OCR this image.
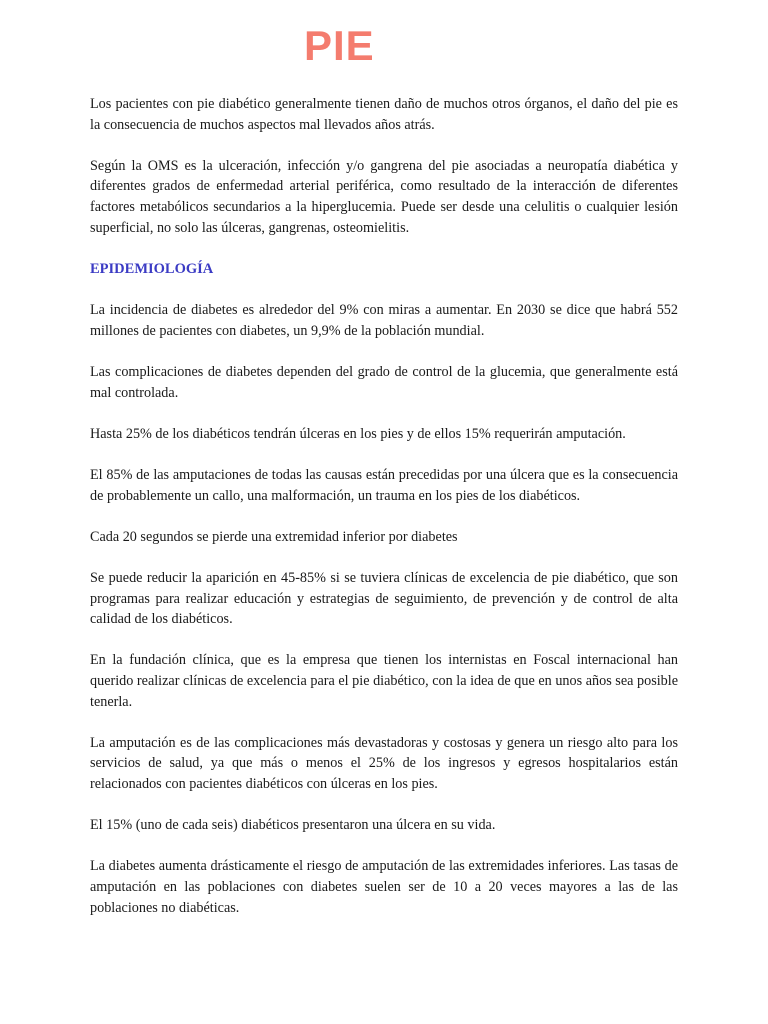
PIE

Los pacientes con pie diabético generalmente tienen daño de muchos otros órganos, el daño del pie es la consecuencia de muchos aspectos mal llevados años atrás.

Según la OMS es la ulceración, infección y/o gangrena del pie asociadas a neuropatía diabética y diferentes grados de enfermedad arterial periférica, como resultado de la interacción de diferentes factores metabólicos secundarios a la hiperglucemia. Puede ser desde una celulitis o cualquier lesión superficial, no solo las úlceras, gangrenas, osteomielitis.

EPIDEMIOLOGÍA

La incidencia de diabetes es alrededor del 9% con miras a aumentar. En 2030 se dice que habrá 552 millones de pacientes con diabetes, un 9,9% de la población mundial.

Las complicaciones de diabetes dependen del grado de control de la glucemia, que generalmente está mal controlada.

Hasta 25% de los diabéticos tendrán úlceras en los pies y de ellos 15% requerirán amputación.

El 85% de las amputaciones de todas las causas están precedidas por una úlcera que es la consecuencia de probablemente un callo, una malformación, un trauma en los pies de los diabéticos.

Cada 20 segundos se pierde una extremidad inferior por diabetes

Se puede reducir la aparición en 45-85% si se tuviera clínicas de excelencia de pie diabético, que son programas para realizar educación y estrategias de seguimiento, de prevención y de control de alta calidad de los diabéticos.

En la fundación clínica, que es la empresa que tienen los internistas en Foscal internacional han querido realizar clínicas de excelencia para el pie diabético, con la idea de que en unos años sea posible tenerla.

La amputación es de las complicaciones más devastadoras y costosas y genera un riesgo alto para los servicios de salud, ya que más o menos el 25% de los ingresos y egresos hospitalarios están relacionados con pacientes diabéticos con úlceras en los pies.

El 15% (uno de cada seis) diabéticos presentaron una úlcera en su vida.

La diabetes aumenta drásticamente el riesgo de amputación de las extremidades inferiores. Las tasas de amputación en las poblaciones con diabetes suelen ser de 10 a 20 veces mayores a las de las poblaciones no diabéticas.
